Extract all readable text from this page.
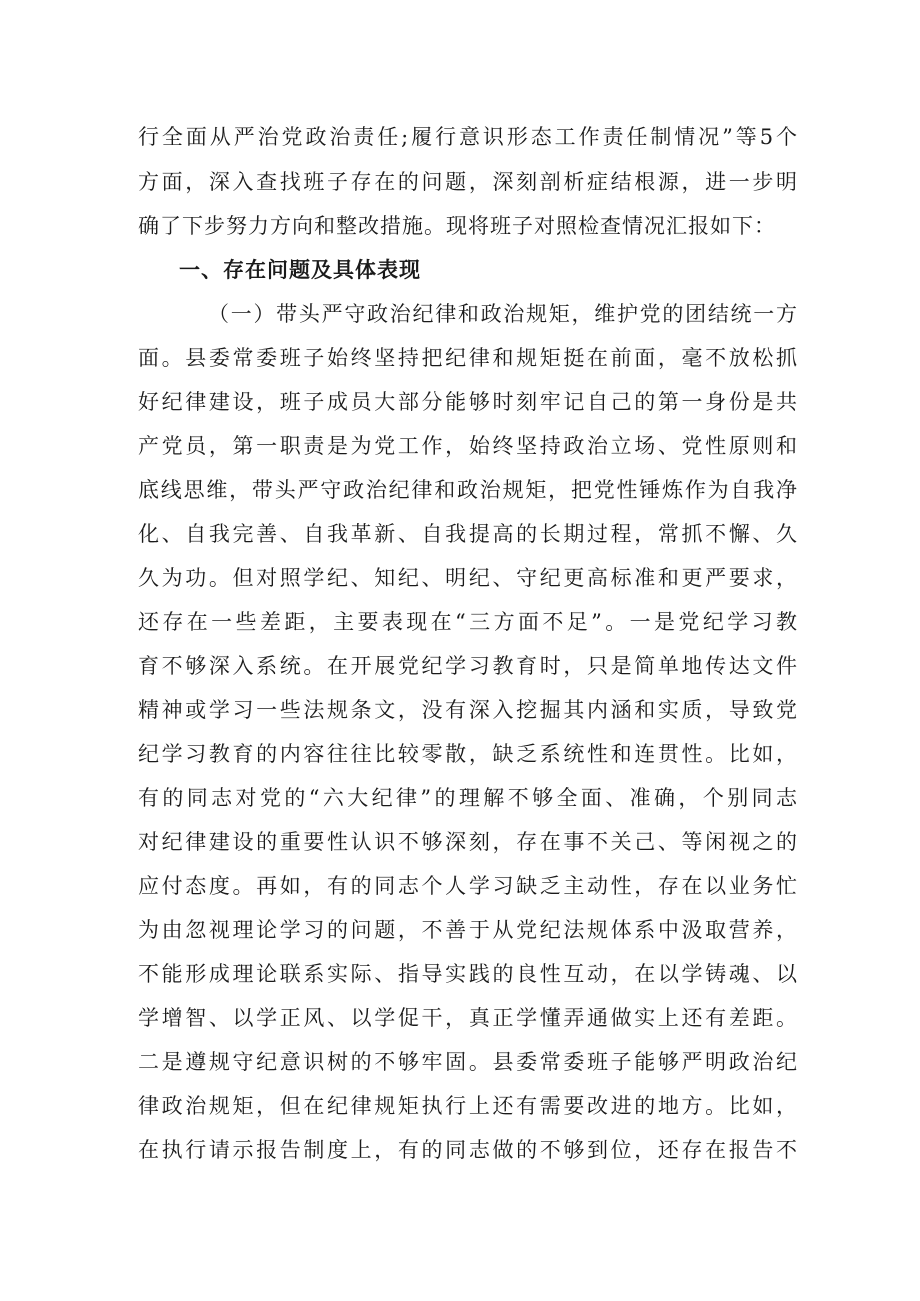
行全面从严治党政治责任;履行意识形态工作责任制情况”等5个
方面，深入查找班子存在的问题，深刻剖析症结根源，进一步明
确了下步努力方向和整改措施。现将班子对照检查情况汇报如下：
一、存在问题及具体表现
（一）带头严守政治纪律和政治规矩，维护党的团结统一方
面。县委常委班子始终坚持把纪律和规矩挺在前面，毫不放松抓
好纪律建设，班子成员大部分能够时刻牢记自己的第一身份是共
产党员，第一职责是为党工作，始终坚持政治立场、党性原则和
底线思维，带头严守政治纪律和政治规矩，把党性锤炼作为自我净
化、自我完善、自我革新、自我提高的长期过程，常抓不懈、久
久为功。但对照学纪、知纪、明纪、守纪更高标准和更严要求，
还存在一些差距，主要表现在“三方面不足”。一是党纪学习教
育不够深入系统。在开展党纪学习教育时，只是简单地传达文件
精神或学习一些法规条文，没有深入挖掘其内涵和实质，导致党
纪学习教育的内容往往比较零散，缺乏系统性和连贯性。比如，
有的同志对党的“六大纪律”的理解不够全面、准确，个别同志
对纪律建设的重要性认识不够深刻，存在事不关己、等闲视之的
应付态度。再如，有的同志个人学习缺乏主动性，存在以业务忙
为由忽视理论学习的问题，不善于从党纪法规体系中汲取营养，
不能形成理论联系实际、指导实践的良性互动，在以学铸魂、以
学增智、以学正风、以学促干，真正学懂弄通做实上还有差距。
二是遵规守纪意识树的不够牢固。县委常委班子能够严明政治纪
律政治规矩，但在纪律规矩执行上还有需要改进的地方。比如，
在执行请示报告制度上，有的同志做的不够到位，还存在报告不
